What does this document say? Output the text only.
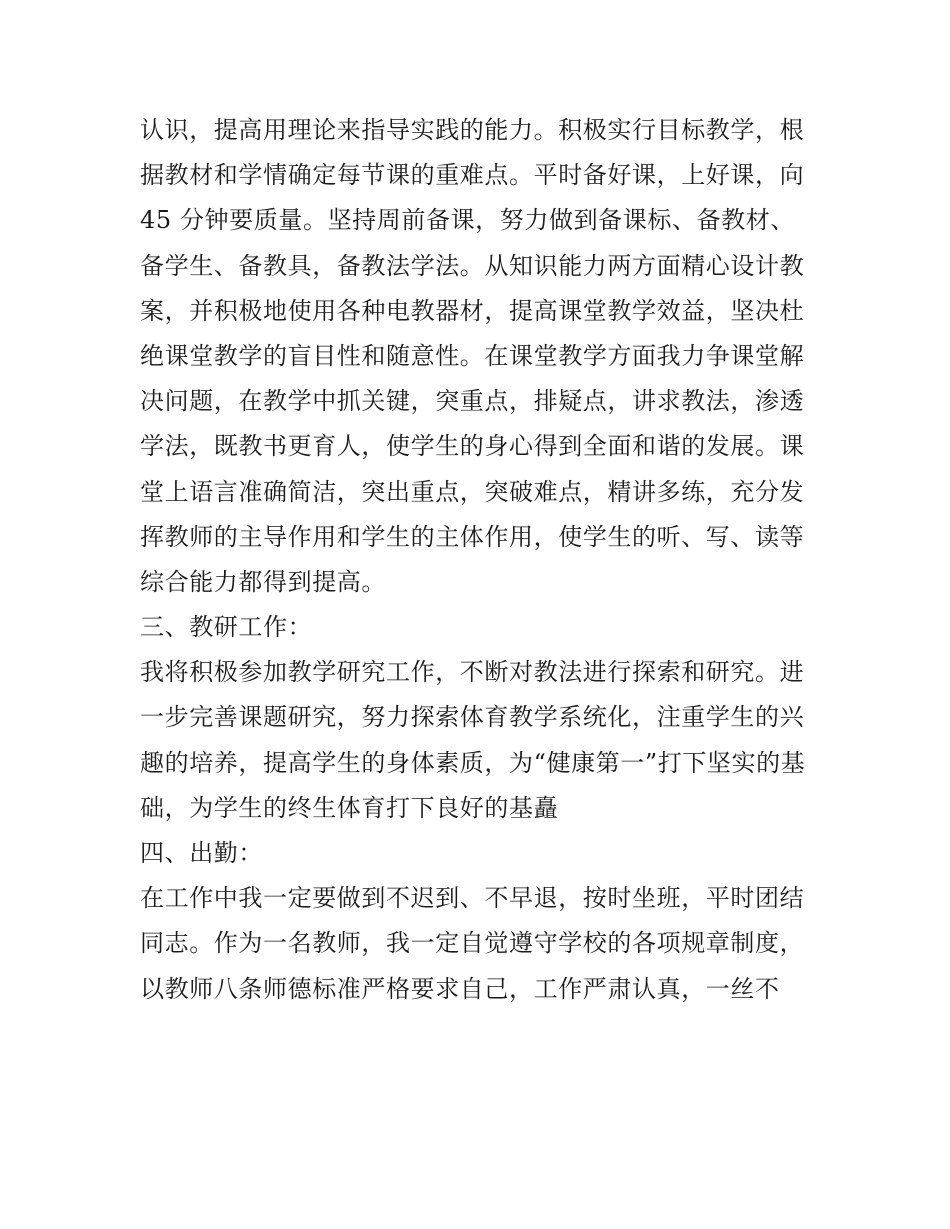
认识，提高用理论来指导实践的能力。积极实行目标教学，根
据教材和学情确定每节课的重难点。平时备好课，上好课，向
45 分钟要质量。坚持周前备课，努力做到备课标、备教材、
备学生、备教具，备教法学法。从知识能力两方面精心设计教
案，并积极地使用各种电教器材，提高课堂教学效益，坚决杜
绝课堂教学的盲目性和随意性。在课堂教学方面我力争课堂解
决问题，在教学中抓关键，突重点，排疑点，讲求教法，渗透
学法，既教书更育人，使学生的身心得到全面和谐的发展。课
堂上语言准确简洁，突出重点，突破难点，精讲多练，充分发
挥教师的主导作用和学生的主体作用，使学生的听、写、读等
综合能力都得到提高。
三、教研工作：
我将积极参加教学研究工作，不断对教法进行探索和研究。进
一步完善课题研究，努力探索体育教学系统化，注重学生的兴
趣的培养，提高学生的身体素质，为“健康第一”打下坚实的基
础，为学生的终生体育打下良好的基矗
四、出勤：
在工作中我一定要做到不迟到、不早退，按时坐班，平时团结
同志。作为一名教师，我一定自觉遵守学校的各项规章制度，
以教师八条师德标准严格要求自己，工作严肃认真，一丝不
